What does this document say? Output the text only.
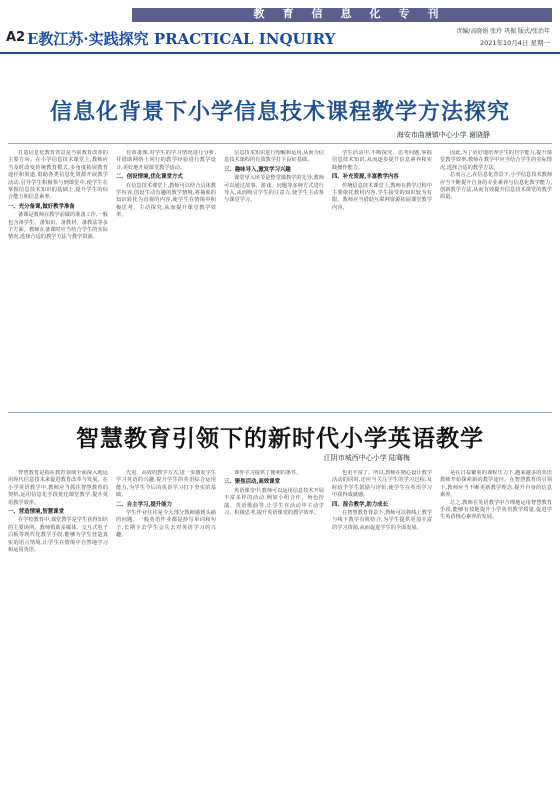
教育信息化专刊
A2 E教江苏·实践探究 PRACTICAL INQUIRY	责编/高晓娟 张玲 巩振 版式/张治年
2021年10月4日 星期一
信息化背景下小学信息技术课程教学方法探究
海安市曲塘镇中心小学 谢晓静

打造信息化教育背景是当前教育改革的主要方向。在小学信息技术课堂上,教师应当及时改变传统教育模式,多角度拓展教育途径和渠道,借助各类信息化资源开展教学活动,引导学生积极参与到课堂中,使学生在掌握信息技术知识的基础上,提升学生的综合能力和信息素养。

一、充分备课,做好教学准备

备课是教师在教学前做的准备工作,一般包含备学生、备知识、备教材、备教法等多个方面。教师在备课时应当结合学生的实际情况,选择合适的教学方法与教学资源。

有效备课,对学生的学习情况进行分析,并借助网络上同行的教学经验进行教学设计,更好地开展课堂教学活动。

二、创设情境,优化课堂方式

在信息技术课堂上,教师可以结合具体教学内容,创设生动有趣的教学情境,将抽象的知识转化为直观的内容,使学生在情境中积极思考、主动探究,从而提升课堂教学效率。

信息技术知识进行理解和运用,从而为信息技术课程的有效教学打下良好基础。

三、趣味导入,激发学习兴趣

课堂导入环节是整堂课教学的先导,教师可以通过故事、游戏、问题等多种方式进行导入,从而吸引学生的注意力,使学生主动参与课堂学习。

学生活动中,不断探究、思考问题,掌握信息技术知识,从而逐步提升信息素养和实践操作能力。

四、补充资源,丰富教学内容

传统信息技术课堂上,教师在教学过程中主要依托教材内容,学生接受的知识较为有限。教师应当借助互联网资源拓展课堂教学内容。

因此,为了更好地培养学生的自学能力,提升课堂教学效率,教师在教学中应当结合学生的实际情况,选择合适的教学方法。

总而言之,在信息化背景下,小学信息技术教师应当不断提升自身的专业素养与信息化教学能力,创新教学方法,从而有效提升信息技术课堂的教学质量。

智慧教育引领下的新时代小学英语教学
江阴市城西中心小学 陆骞梅

智慧教育是指在教育领域全面深入地运用现代信息技术来促进教育改革与发展。在小学英语教学中,教师应当抓住智慧教育的契机,运用信息化手段优化课堂教学,提升英语教学效率。

一、营造情境,智慧课堂

在学校教育中,课堂教学是学生获得知识的主要场所。教师借助多媒体、交互式电子白板等现代化教学手段,能够为学生营造真实的语言情境,让学生在情境中自然地学习和运用英语。

先进、高效的教学方式,进一步激发学生学习英语的兴趣,提升学生的英语综合运用能力,为学生今后的英语学习打下坚实的基础。

二、自主学习,提升能力

学生作业往往是令大部分教师感到头痛的问题。一般英语作业都是抄写单词和句子,长期下去学生会失去对英语学习的兴趣。

课外学习提供了便利的条件。

三、聚焦活动,高效课堂

英语课堂中,教师可以运用信息技术开展丰富多样的活动,例如小组合作、角色扮演、英语歌曲等,让学生在活动中主动学习、积极思考,提升英语课堂的教学效率。

也更丰富了。所以,教师在精心设计教学活动的同时,还应当关注学生的学习过程,及时给予学生鼓励与评价,使学生在英语学习中获得成就感。

四、混合教学,助力成长

在智慧教育背景下,教师可以将线上教学与线下教学有机结合,为学生提供更加丰富的学习资源,从而促进学生的全面发展。

是在日益繁重的课程压力下,越来越多的英语教师开始探索新的教学途径。在智慧教育的引领下,教师应当不断更新教学理念,提升自身的信息素养。

总之,教师在英语教学中合理地运用智慧教育手段,能够有效地提升小学英语教学质量,促进学生英语核心素养的发展。
